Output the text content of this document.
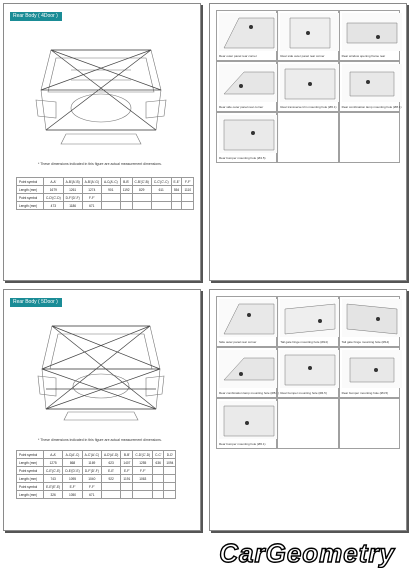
Rear Body ( 4Door )
* These dimensions indicated in this figure are actual measurement dimensions.
Point symbol	A-A'	A-B'(A'-B)	A-B'(A'-G)	A-C(A'-C)	B-B'	C-B'(C'-B)	C-C'(C'-C)	E-E'	F-F'
Length (mm)	1679	1261	1274	901	1192	829	611	554	1110
Point symbol	C-D'(C'-D)	D-F'(D'-F)	F-F'						
Length (mm)	473	1186	671						
Rear outer panel rear corner	Rear side outer panel rear corner	Rear window opening frame rear
Rear side outer panel rear corner	Rear transverse trim mounting hole (Ø6.1) Rear combination lamp mounting hole (Ø8.1)
Rear bumper mounting hole (Ø4.5)
Rear Body ( 5Door )
* These dimensions indicated in this figure are actual measurement dimensions.
Point symbol	A-A'	A-C(A'-C)	A-C'(A'-C)	A-D'(A'-D)	B-B'	C-D'(C'-D)	C-C'	D-D'
Length (mm)	1275	868	1169	623	1407	1255	636	1094
Point symbol	C-E'(C'-E)	D-E'(D'-E)	D-F'(D'-F)	E-E'	E-F'	F-F'		
Length (mm)	743	1095	1040	922	1191	1063		
Point symbol	E-E'(E'-E)	E-F'	F-F'					
Length (mm)	326	1050	671					
Side outer panel rear corner	Tail gate hinge mounting hole (Ø14)	Tail gate hinge mounting hole (Ø14)
Rear combination lamp mounting hole (Ø8.1) Rear bumper mounting hole (Ø4.5)	Rear bumper mounting hole (Ø4.5)
Rear bumper mounting hole (Ø6.1)
CarGeometry
